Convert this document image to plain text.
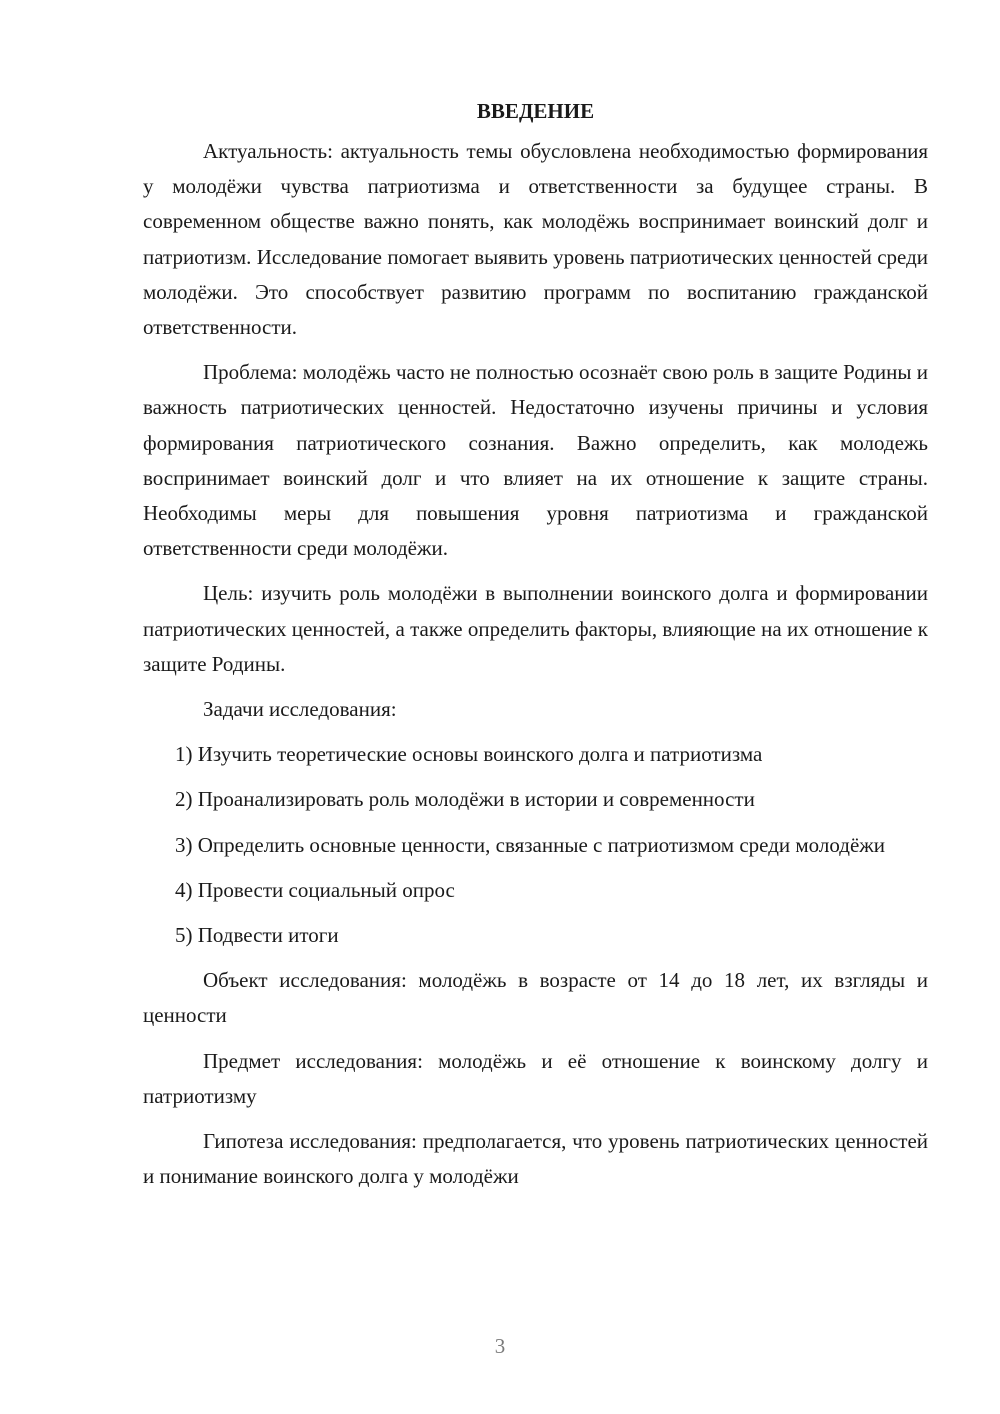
ВВЕДЕНИЕ

Актуальность: актуальность темы обусловлена необходимостью формирования у молодёжи чувства патриотизма и ответственности за будущее страны. В современном обществе важно понять, как молодёжь воспринимает воинский долг и патриотизм. Исследование помогает выявить уровень патриотических ценностей среди молодёжи. Это способствует развитию программ по воспитанию гражданской ответственности.

Проблема: молодёжь часто не полностью осознаёт свою роль в защите Родины и важность патриотических ценностей. Недостаточно изучены причины и условия формирования патриотического сознания. Важно определить, как молодежь воспринимает воинский долг и что влияет на их отношение к защите страны. Необходимы меры для повышения уровня патриотизма и гражданской ответственности среди молодёжи.

Цель: изучить роль молодёжи в выполнении воинского долга и формировании патриотических ценностей, а также определить факторы, влияющие на их отношение к защите Родины.

Задачи исследования:

1) Изучить теоретические основы воинского долга и патриотизма

2) Проанализировать роль молодёжи в истории и современности

3) Определить основные ценности, связанные с патриотизмом среди молодёжи

4) Провести социальный опрос

5) Подвести итоги

Объект исследования: молодёжь в возрасте от 14 до 18 лет, их взгляды и ценности

Предмет исследования: молодёжь и её отношение к воинскому долгу и патриотизму

Гипотеза исследования: предполагается, что уровень патриотических ценностей и понимание воинского долга у молодёжи

3
